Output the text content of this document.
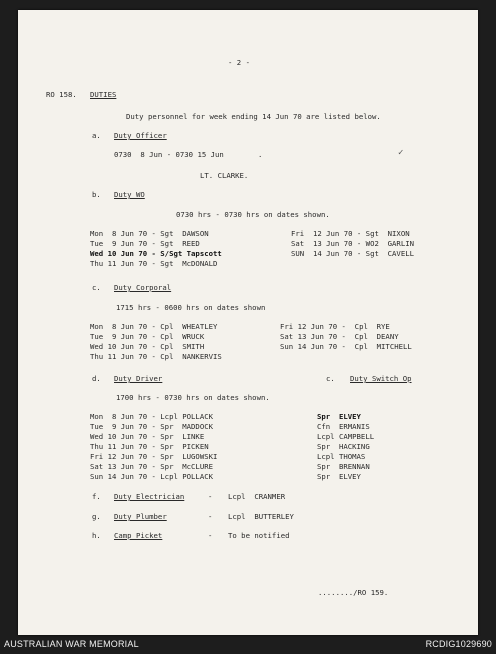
- 2 -
✓
RO 158. DUTIES
Duty personnel for week ending 14 Jun 70 are listed below.
a. Duty Officer
0730  8 Jun - 0730 15 Jun	.
LT. CLARKE.
b. Duty WO
0730 hrs - 0730 hrs on dates shown.
Mon  8 Jun 70 - Sgt  DAWSON
Tue  9 Jun 70 - Sgt  REED
Wed 10 Jun 70 - S/Sgt Tapscott
Thu 11 Jun 70 - Sgt  McDONALD
Fri  12 Jun 70 - Sgt  NIXON
Sat  13 Jun 70 - WO2  GARLIN
SUN  14 Jun 70 - Sgt  CAVELL
c. Duty Corporal
1715 hrs - 0600 hrs on dates shown
Mon  8 Jun 70 - Cpl  WHEATLEY
Tue  9 Jun 70 - Cpl  WRUCK
Wed 10 Jun 70 - Cpl  SMITH
Thu 11 Jun 70 - Cpl  NANKERVIS
Fri 12 Jun 70 -  Cpl  RYE
Sat 13 Jun 70 -  Cpl  DEANY
Sun 14 Jun 70 -  Cpl  MITCHELL
d. Duty Driver
1700 hrs - 0730 hrs on dates shown.
Mon  8 Jun 70 - Lcpl POLLACK
Tue  9 Jun 70 - Spr  MADDOCK
Wed 10 Jun 70 - Spr  LINKE
Thu 11 Jun 70 - Spr  PICKEN
Fri 12 Jun 70 - Spr  LUGOWSKI
Sat 13 Jun 70 - Spr  McCLURE
Sun 14 Jun 70 - Lcpl POLLACK
c. Duty Switch Op
Spr  ELVEY
Cfn  ERMANIS
Lcpl CAMPBELL
Spr  HACKING
Lcpl THOMAS
Spr  BRENNAN
Spr  ELVEY
f. Duty Electrician	- Lcpl  CRANMER
g. Duty Plumber	- Lcpl  BUTTERLEY
h. Camp Picket	- To be notified
......../RO 159.
AUSTRALIAN WAR MEMORIAL	RCDIG1029690
